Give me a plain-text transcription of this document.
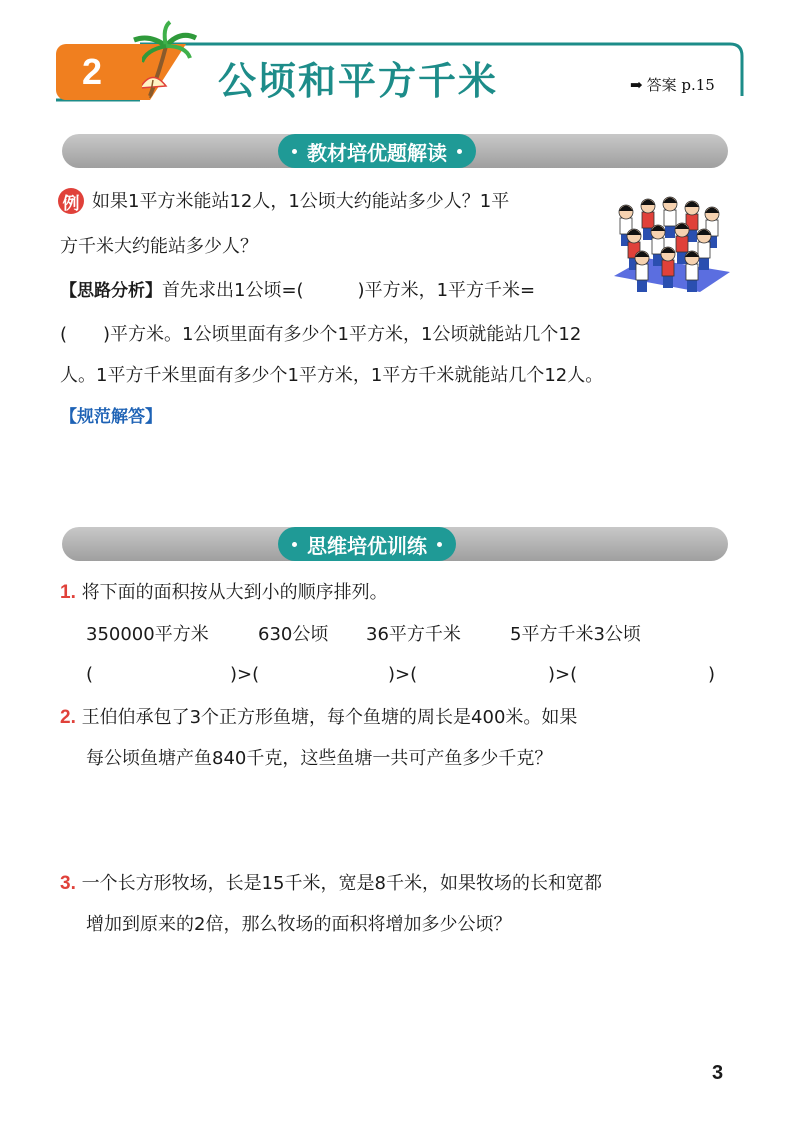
2	公顷和平方千米	➡ 答案 p.15
教材培优题解读
例 如果1平方米能站12人，1公顷大约能站多少人？1平
方千米大约能站多少人？
【思路分析】首先求出1公顷=(　　　)平方米，1平方千米=
(　　)平方米。1公顷里面有多少个1平方米，1公顷就能站几个12
人。1平方千米里面有多少个1平方米，1平方千米就能站几个12人。
【规范解答】
思维培优训练
1. 将下面的面积按从大到小的顺序排列。
350000平方米	630公顷 36平方千米	5平方千米3公顷
(	)>(	)>(	)>(	)
2. 王伯伯承包了3个正方形鱼塘，每个鱼塘的周长是400米。如果
每公顷鱼塘产鱼840千克，这些鱼塘一共可产鱼多少千克？
3. 一个长方形牧场，长是15千米，宽是8千米，如果牧场的长和宽都
增加到原来的2倍，那么牧场的面积将增加多少公顷？
3
